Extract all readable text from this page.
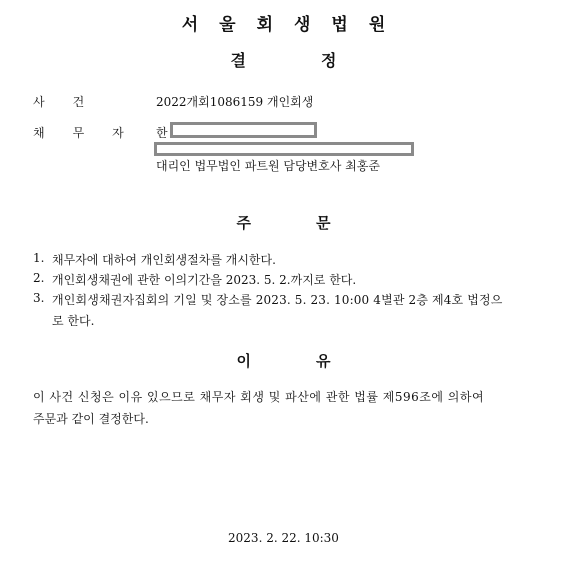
서울회생법원
결정
사건	2022개회1086159 개인회생
채무자 한
대리인 법무법인 파트원 담당변호사 최홍준
주문
1. 채무자에 대하여 개인회생절차를 개시한다.
2. 개인회생채권에 관한 이의기간을 2023. 5. 2.까지로 한다.
3. 개인회생채권자집회의 기일 및 장소를 2023. 5. 23. 10:00 4별관 2층 제4호 법정으
로 한다.
이유
이 사건 신청은 이유 있으므로 채무자 회생 및 파산에 관한 법률 제596조에 의하여
주문과 같이 결정한다.
2023. 2. 22. 10:30
